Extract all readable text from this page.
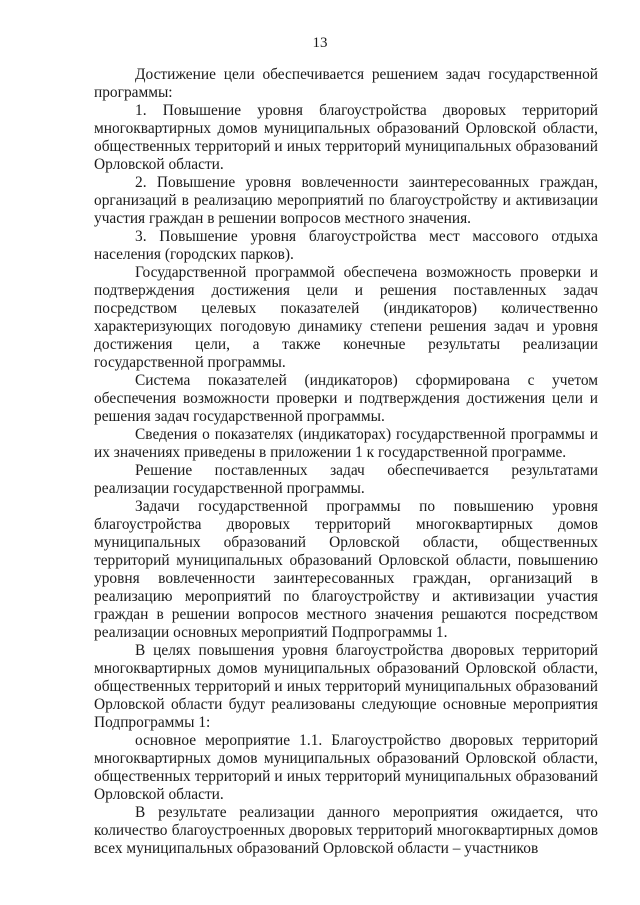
13

Достижение цели обеспечивается решением задач государственной программы:

1. Повышение уровня благоустройства дворовых территорий многоквартирных домов муниципальных образований Орловской области, общественных территорий и иных территорий муниципальных образований Орловской области.

2. Повышение уровня вовлеченности заинтересованных граждан, организаций в реализацию мероприятий по благоустройству и активизации участия граждан в решении вопросов местного значения.

3. Повышение уровня благоустройства мест массового отдыха населения (городских парков).

Государственной программой обеспечена возможность проверки и подтверждения достижения цели и решения поставленных задач посредством целевых показателей (индикаторов) количественно характеризующих погодовую динамику степени решения задач и уровня достижения цели, а также конечные результаты реализации государственной программы.

Система показателей (индикаторов) сформирована с учетом обеспечения возможности проверки и подтверждения достижения цели и решения задач государственной программы.

Сведения о показателях (индикаторах) государственной программы и их значениях приведены в приложении 1 к государственной программе.

Решение поставленных задач обеспечивается результатами реализации государственной программы.

Задачи государственной программы по повышению уровня благоустройства дворовых территорий многоквартирных домов муниципальных образований Орловской области, общественных территорий муниципальных образований Орловской области, повышению уровня вовлеченности заинтересованных граждан, организаций в реализацию мероприятий по благоустройству и активизации участия граждан в решении вопросов местного значения решаются посредством реализации основных мероприятий Подпрограммы 1.

В целях повышения уровня благоустройства дворовых территорий многоквартирных домов муниципальных образований Орловской области, общественных территорий и иных территорий муниципальных образований Орловской области будут реализованы следующие основные мероприятия Подпрограммы 1:

основное мероприятие 1.1. Благоустройство дворовых территорий многоквартирных домов муниципальных образований Орловской области, общественных территорий и иных территорий муниципальных образований Орловской области.

В результате реализации данного мероприятия ожидается, что количество благоустроенных дворовых территорий многоквартирных домов всех муниципальных образований Орловской области – участников
